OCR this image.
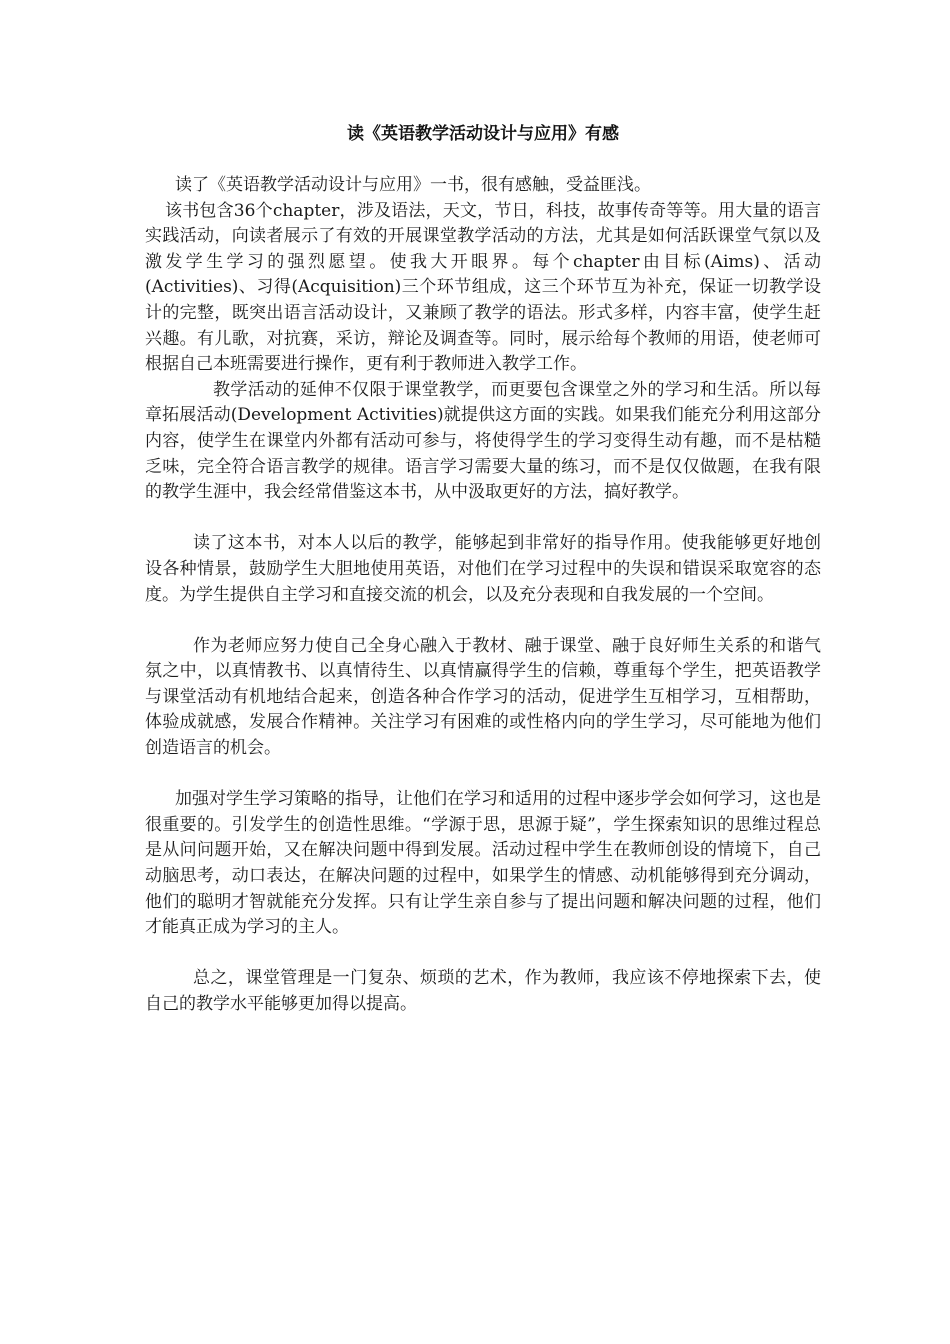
读《英语教学活动设计与应用》有感

读了《英语教学活动设计与应用》一书，很有感触，受益匪浅。

该书包含36个chapter，涉及语法，天文，节日，科技，故事传奇等等。用大量的语言实践活动，向读者展示了有效的开展课堂教学活动的方法，尤其是如何活跃课堂气氛以及激发学生学习的强烈愿望。使我大开眼界。每个chapter由目标(Aims)、活动(Activities)、习得(Acquisition)三个环节组成，这三个环节互为补充，保证一切教学设计的完整，既突出语言活动设计，又兼顾了教学的语法。形式多样，内容丰富，使学生赶兴趣。有儿歌，对抗赛，采访，辩论及调查等。同时，展示给每个教师的用语，使老师可根据自己本班需要进行操作，更有利于教师进入教学工作。

教学活动的延伸不仅限于课堂教学，而更要包含课堂之外的学习和生活。所以每章拓展活动(Development Activities)就提供这方面的实践。如果我们能充分利用这部分内容，使学生在课堂内外都有活动可参与，将使得学生的学习变得生动有趣，而不是枯糙乏味，完全符合语言教学的规律。语言学习需要大量的练习，而不是仅仅做题，在我有限的教学生涯中，我会经常借鉴这本书，从中汲取更好的方法，搞好教学。

读了这本书，对本人以后的教学，能够起到非常好的指导作用。使我能够更好地创设各种情景，鼓励学生大胆地使用英语，对他们在学习过程中的失误和错误采取宽容的态度。为学生提供自主学习和直接交流的机会，以及充分表现和自我发展的一个空间。

作为老师应努力使自己全身心融入于教材、融于课堂、融于良好师生关系的和谐气氛之中，以真情教书、以真情待生、以真情赢得学生的信赖，尊重每个学生，把英语教学与课堂活动有机地结合起来，创造各种合作学习的活动，促进学生互相学习，互相帮助，体验成就感，发展合作精神。关注学习有困难的或性格内向的学生学习，尽可能地为他们创造语言的机会。

加强对学生学习策略的指导，让他们在学习和适用的过程中逐步学会如何学习，这也是很重要的。引发学生的创造性思维。“学源于思，思源于疑”，学生探索知识的思维过程总是从问问题开始，又在解决问题中得到发展。活动过程中学生在教师创设的情境下，自己动脑思考，动口表达，在解决问题的过程中，如果学生的情感、动机能够得到充分调动，他们的聪明才智就能充分发挥。只有让学生亲自参与了提出问题和解决问题的过程，他们才能真正成为学习的主人。

总之，课堂管理是一门复杂、烦琐的艺术，作为教师，我应该不停地探索下去，使自己的教学水平能够更加得以提高。
